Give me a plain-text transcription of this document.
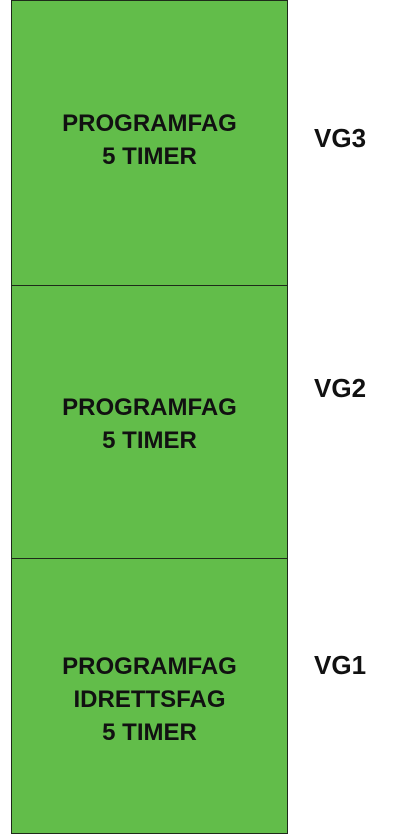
PROGRAMFAG
5 TIMER
PROGRAMFAG
5 TIMER
PROGRAMFAG
IDRETTSFAG
5 TIMER
VG3
VG2
VG1
